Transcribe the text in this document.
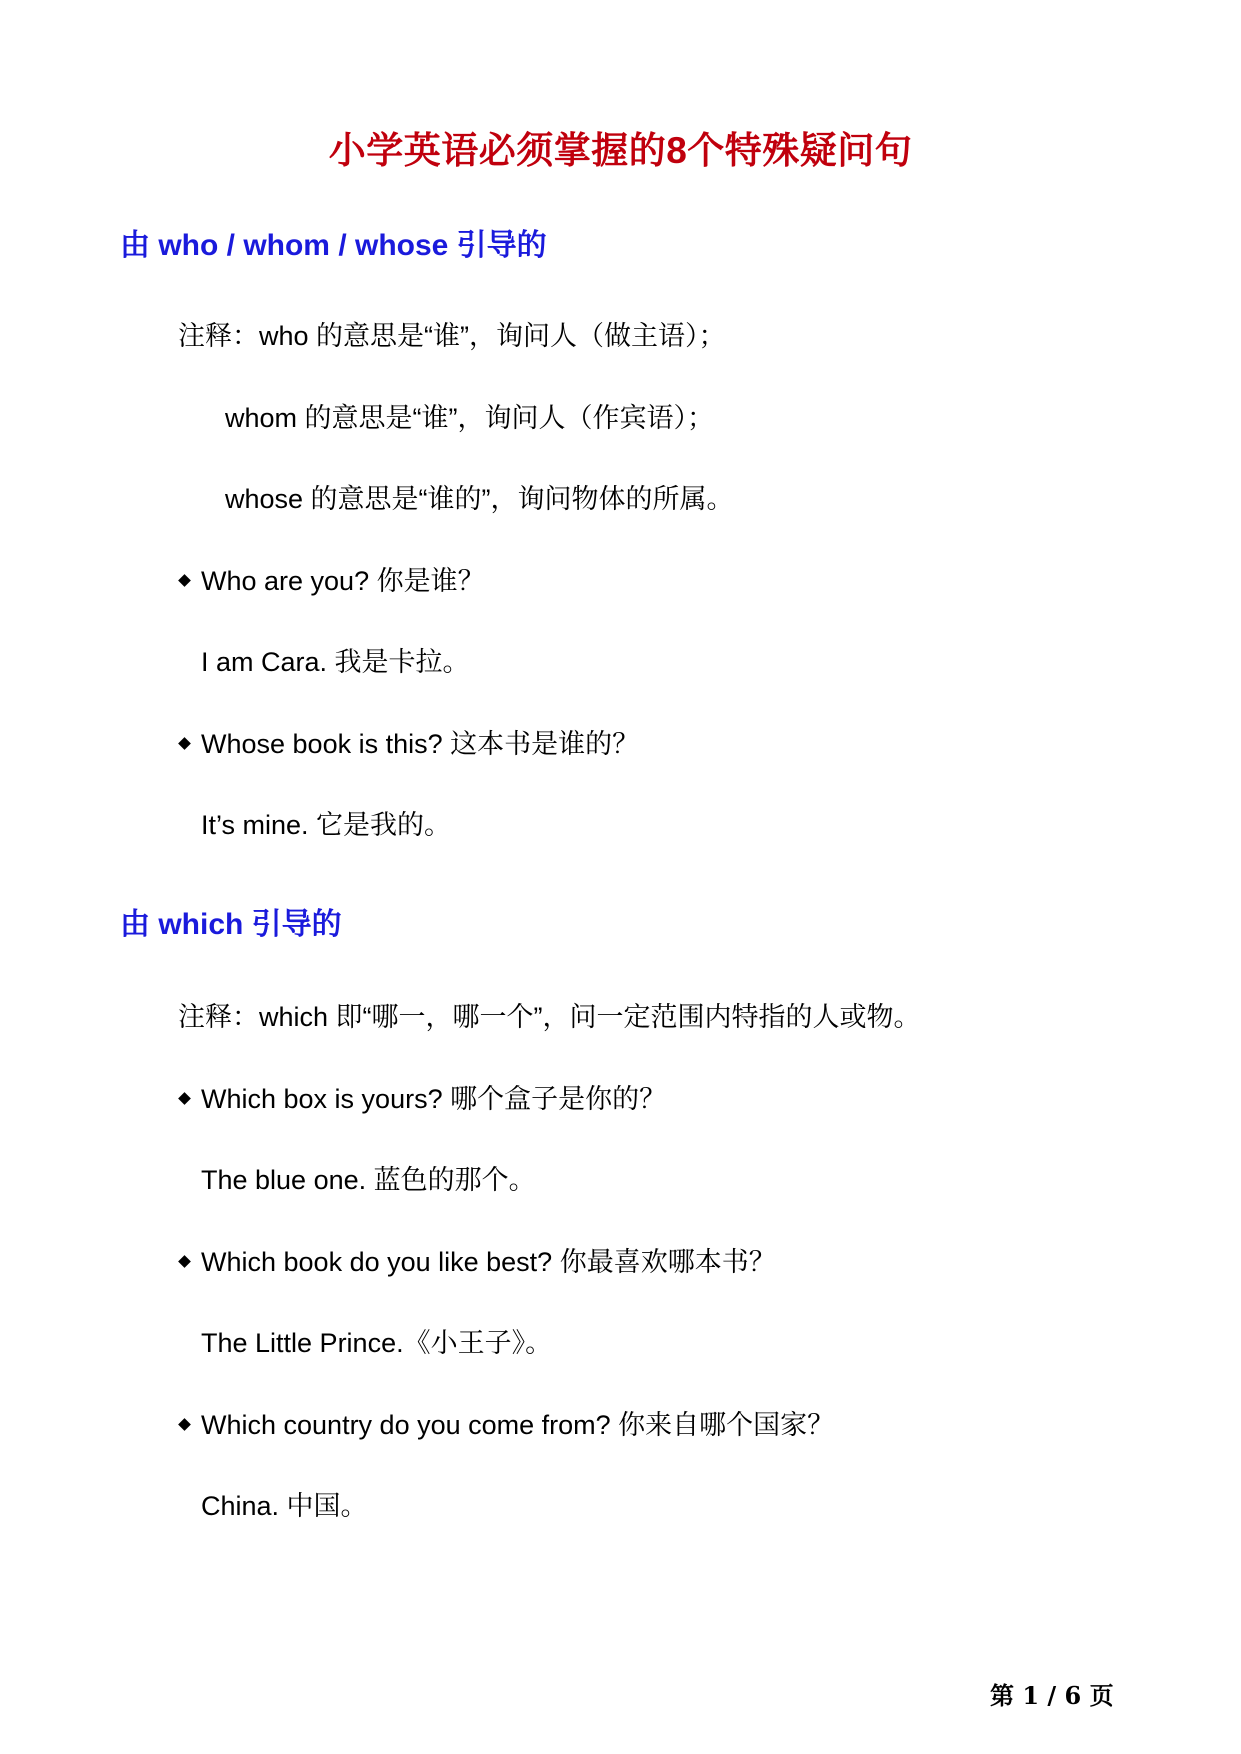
小学英语必须掌握的8个特殊疑问句
由 who / whom / whose 引导的
注释：who 的意思是“谁”，询问人（做主语）；
whom 的意思是“谁”，询问人（作宾语）；
whose 的意思是“谁的”，询问物体的所属。
Who are you? 你是谁？
I am Cara. 我是卡拉。
Whose book is this? 这本书是谁的？
It’s mine. 它是我的。
由 which 引导的
注释：which 即“哪一，哪一个”，问一定范围内特指的人或物。
Which box is yours? 哪个盒子是你的？
The blue one. 蓝色的那个。
Which book do you like best? 你最喜欢哪本书？
The Little Prince.《小王子》。
Which country do you come from? 你来自哪个国家？
China. 中国。
第 1 / 6 页
